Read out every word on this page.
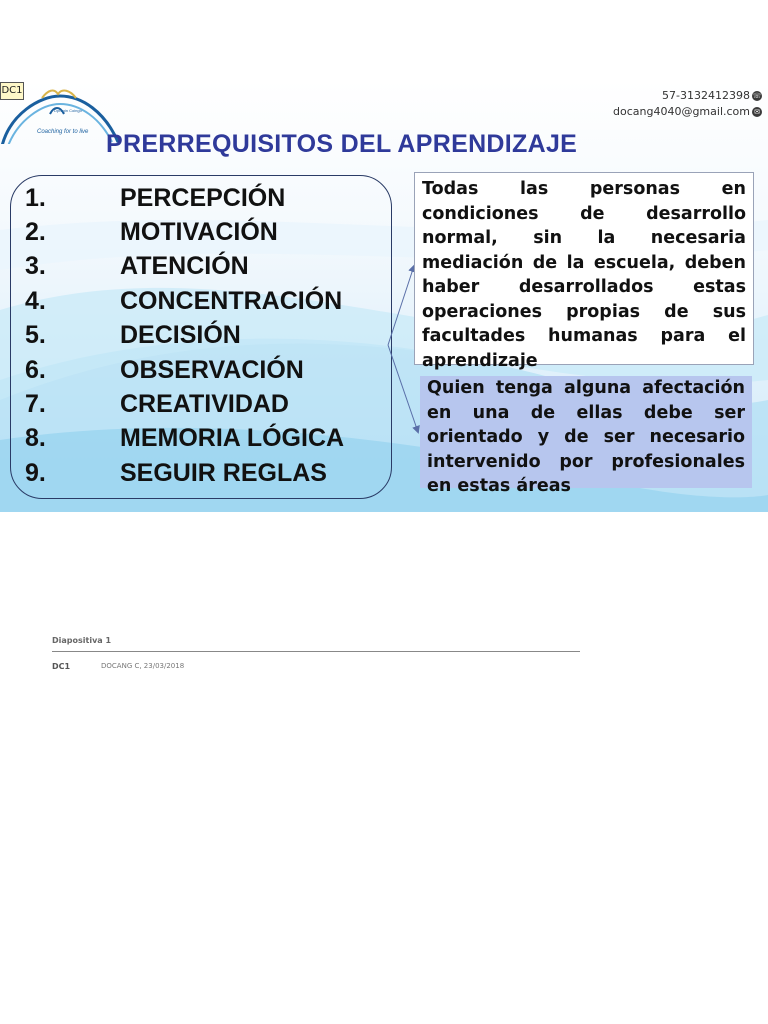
Dpragin Coingo
Coaching for to live
DC1	57-3132412398 ☏
docang4040@gmail.com ✉
PRERREQUISITOS DEL APRENDIZAJE
1.	PERCEPCIÓN
2.	MOTIVACIÓN
3.	ATENCIÓN
4.	CONCENTRACIÓN
5.	DECISIÓN
6.	OBSERVACIÓN
7.	CREATIVIDAD
8.	MEMORIA LÓGICA
9.	SEGUIR REGLAS
Todas las personas en condiciones de desarrollo normal, sin la necesaria mediación de la escuela, deben haber desarrollados estas operaciones propias de sus facultades humanas para el aprendizaje
Quien tenga alguna afectación en una de ellas debe ser orientado y de ser necesario intervenido por profesionales en estas áreas
Diapositiva 1
DC1	DOCANG C, 23/03/2018
